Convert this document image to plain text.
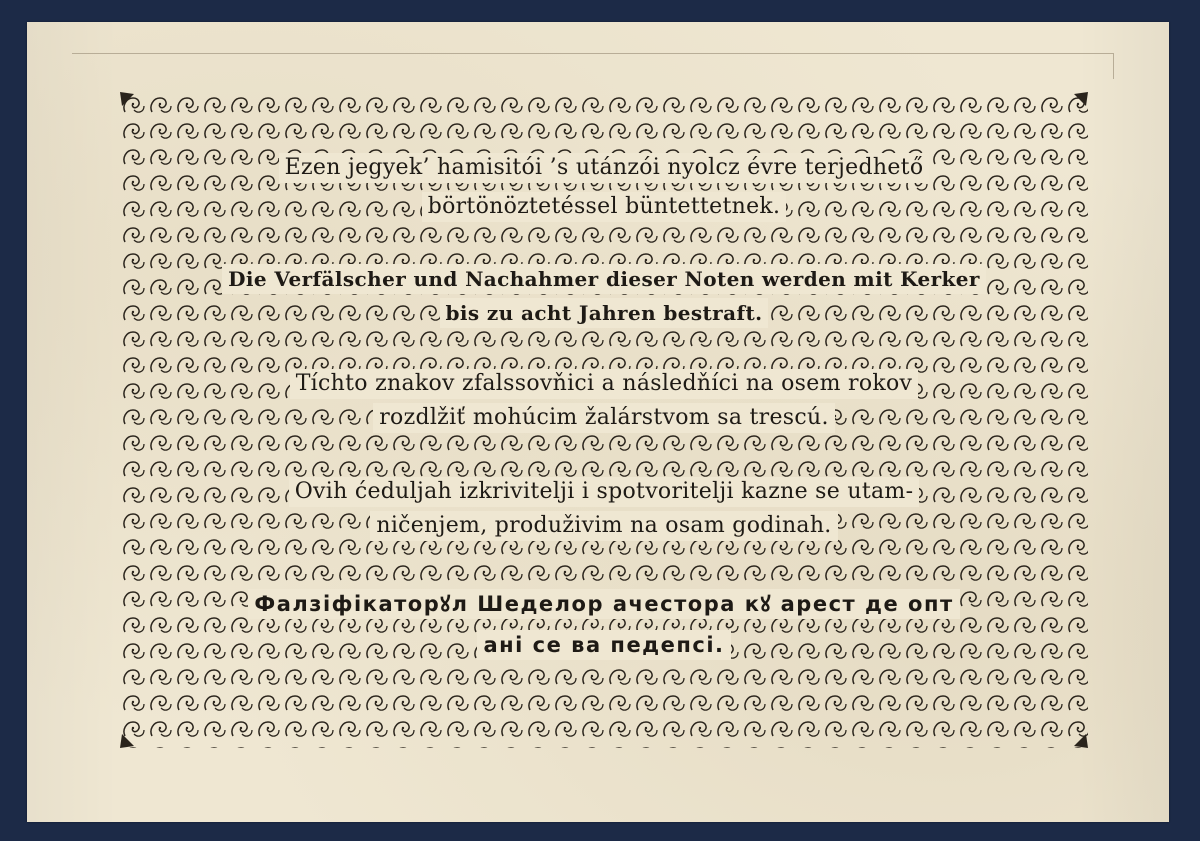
Ezen jegyek’ hamisitói ’s utánzói nyolcz évre terjedhető
börtönöztetéssel büntettetnek.
Die Verfälscher und Nachahmer dieser Noten werden mit Kerker
bis zu acht Jahren bestraft.
Tíchto znakov zfalssovňici a následňíci na osem rokov
rozdlžiť mohúcim žalárstvom sa trescú.
Ovih ćeduljah izkrivitelji i spotvoritelji kazne se utam-
ničenjem, produživim na osam godinah.
Фалзіфікаторꙋл Шеделор ачестора кꙋ арест де опт
ані се ва педепсі.
